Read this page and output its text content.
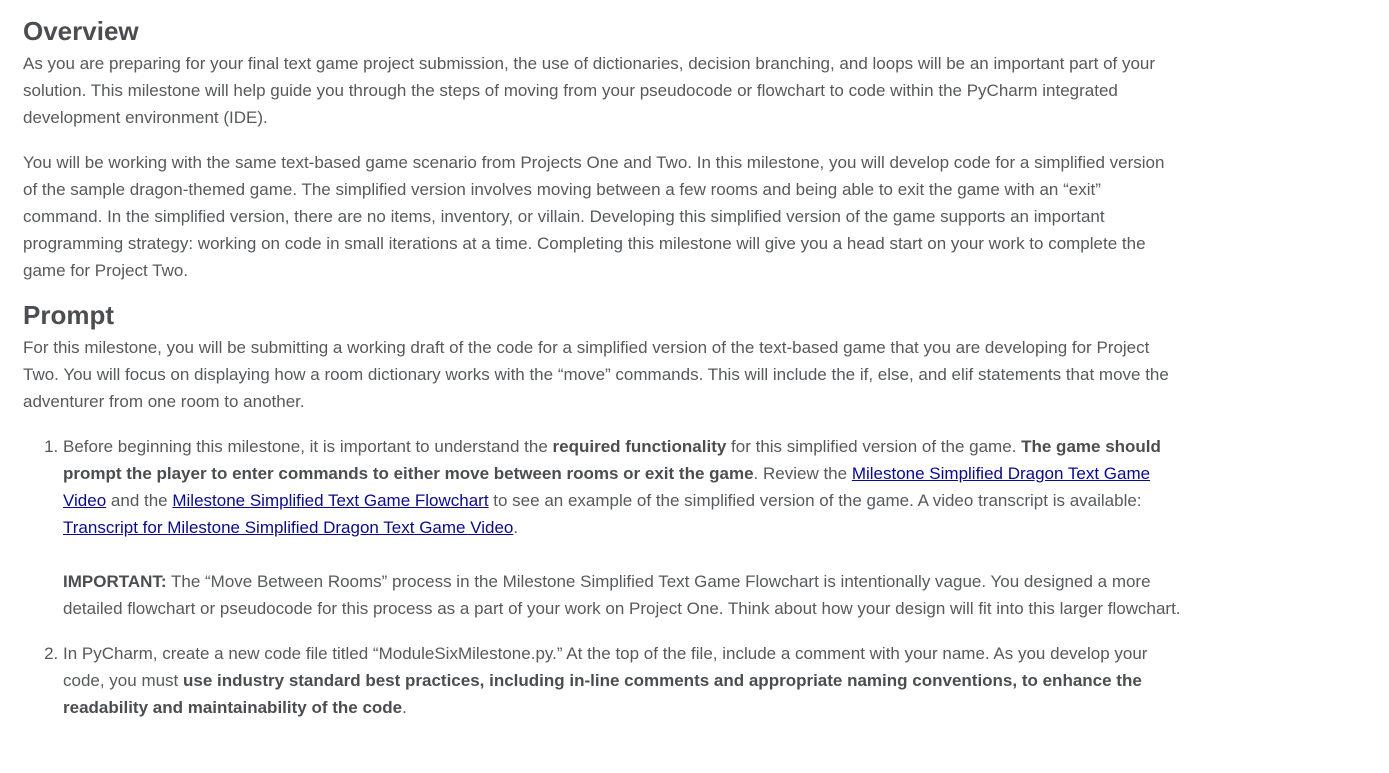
Overview

As you are preparing for your final text game project submission, the use of dictionaries, decision branching, and loops will be an important part of your solution. This milestone will help guide you through the steps of moving from your pseudocode or flowchart to code within the PyCharm integrated development environment (IDE).

You will be working with the same text-based game scenario from Projects One and Two. In this milestone, you will develop code for a simplified version of the sample dragon-themed game. The simplified version involves moving between a few rooms and being able to exit the game with an “exit” command. In the simplified version, there are no items, inventory, or villain. Developing this simplified version of the game supports an important programming strategy: working on code in small iterations at a time. Completing this milestone will give you a head start on your work to complete the game for Project Two.

Prompt

For this milestone, you will be submitting a working draft of the code for a simplified version of the text-based game that you are developing for Project Two. You will focus on displaying how a room dictionary works with the “move” commands. This will include the if, else, and elif statements that move the adventurer from one room to another.

1. Before beginning this milestone, it is important to understand the required functionality for this simplified version of the game. The game should prompt the player to enter commands to either move between rooms or exit the game. Review the Milestone Simplified Dragon Text Game Video and the Milestone Simplified Text Game Flowchart to see an example of the simplified version of the game. A video transcript is available: Transcript for Milestone Simplified Dragon Text Game Video.
IMPORTANT: The “Move Between Rooms” process in the Milestone Simplified Text Game Flowchart is intentionally vague. You designed a more detailed flowchart or pseudocode for this process as a part of your work on Project One. Think about how your design will fit into this larger flowchart.
2. In PyCharm, create a new code file titled “ModuleSixMilestone.py.” At the top of the file, include a comment with your name. As you develop your code, you must use industry standard best practices, including in-line comments and appropriate naming conventions, to enhance the readability and maintainability of the code.
